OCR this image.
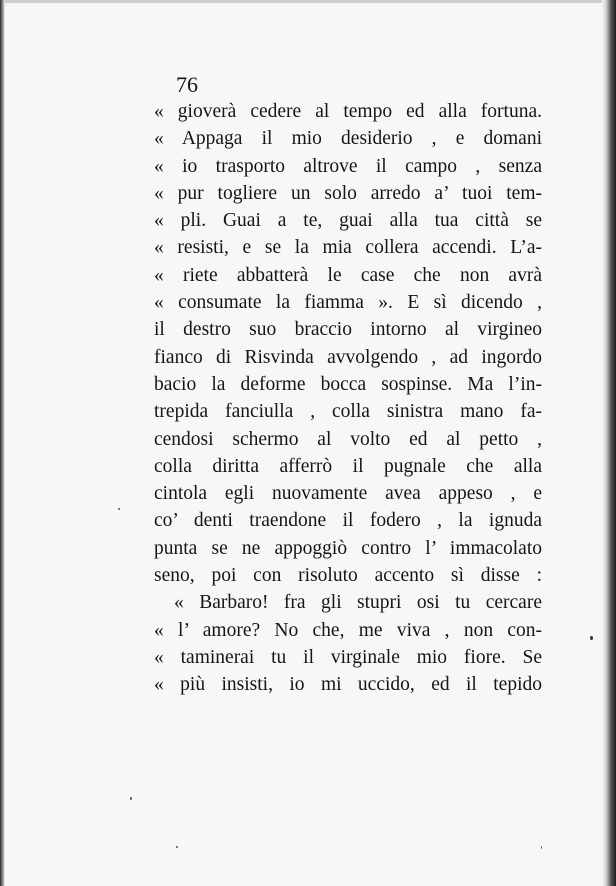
76
« gioverà cedere al tempo ed alla fortuna.
« Appaga il mio desiderio , e domani
« io trasporto altrove il campo , senza
« pur togliere un solo arredo a’ tuoi tem-
« pli. Guai a te, guai alla tua città se
« resisti, e se la mia collera accendi. L’a-
« riete abbatterà le case che non avrà
« consumate la fiamma ». E sì dicendo ,
il destro suo braccio intorno al virgineo
fianco di Risvinda avvolgendo , ad ingordo
bacio la deforme bocca sospinse. Ma l’in-
trepida fanciulla , colla sinistra mano fa-
cendosi schermo al volto ed al petto ,
colla diritta afferrò il pugnale che alla
cintola egli nuovamente avea appeso , e
co’ denti traendone il fodero , la ignuda
punta se ne appoggiò contro l’ immacolato
seno, poi con risoluto accento sì disse :
« Barbaro! fra gli stupri osi tu cercare
« l’ amore? No che, me viva , non con-
« taminerai tu il virginale mio fiore. Se
« più insisti, io mi uccido, ed il tepido
